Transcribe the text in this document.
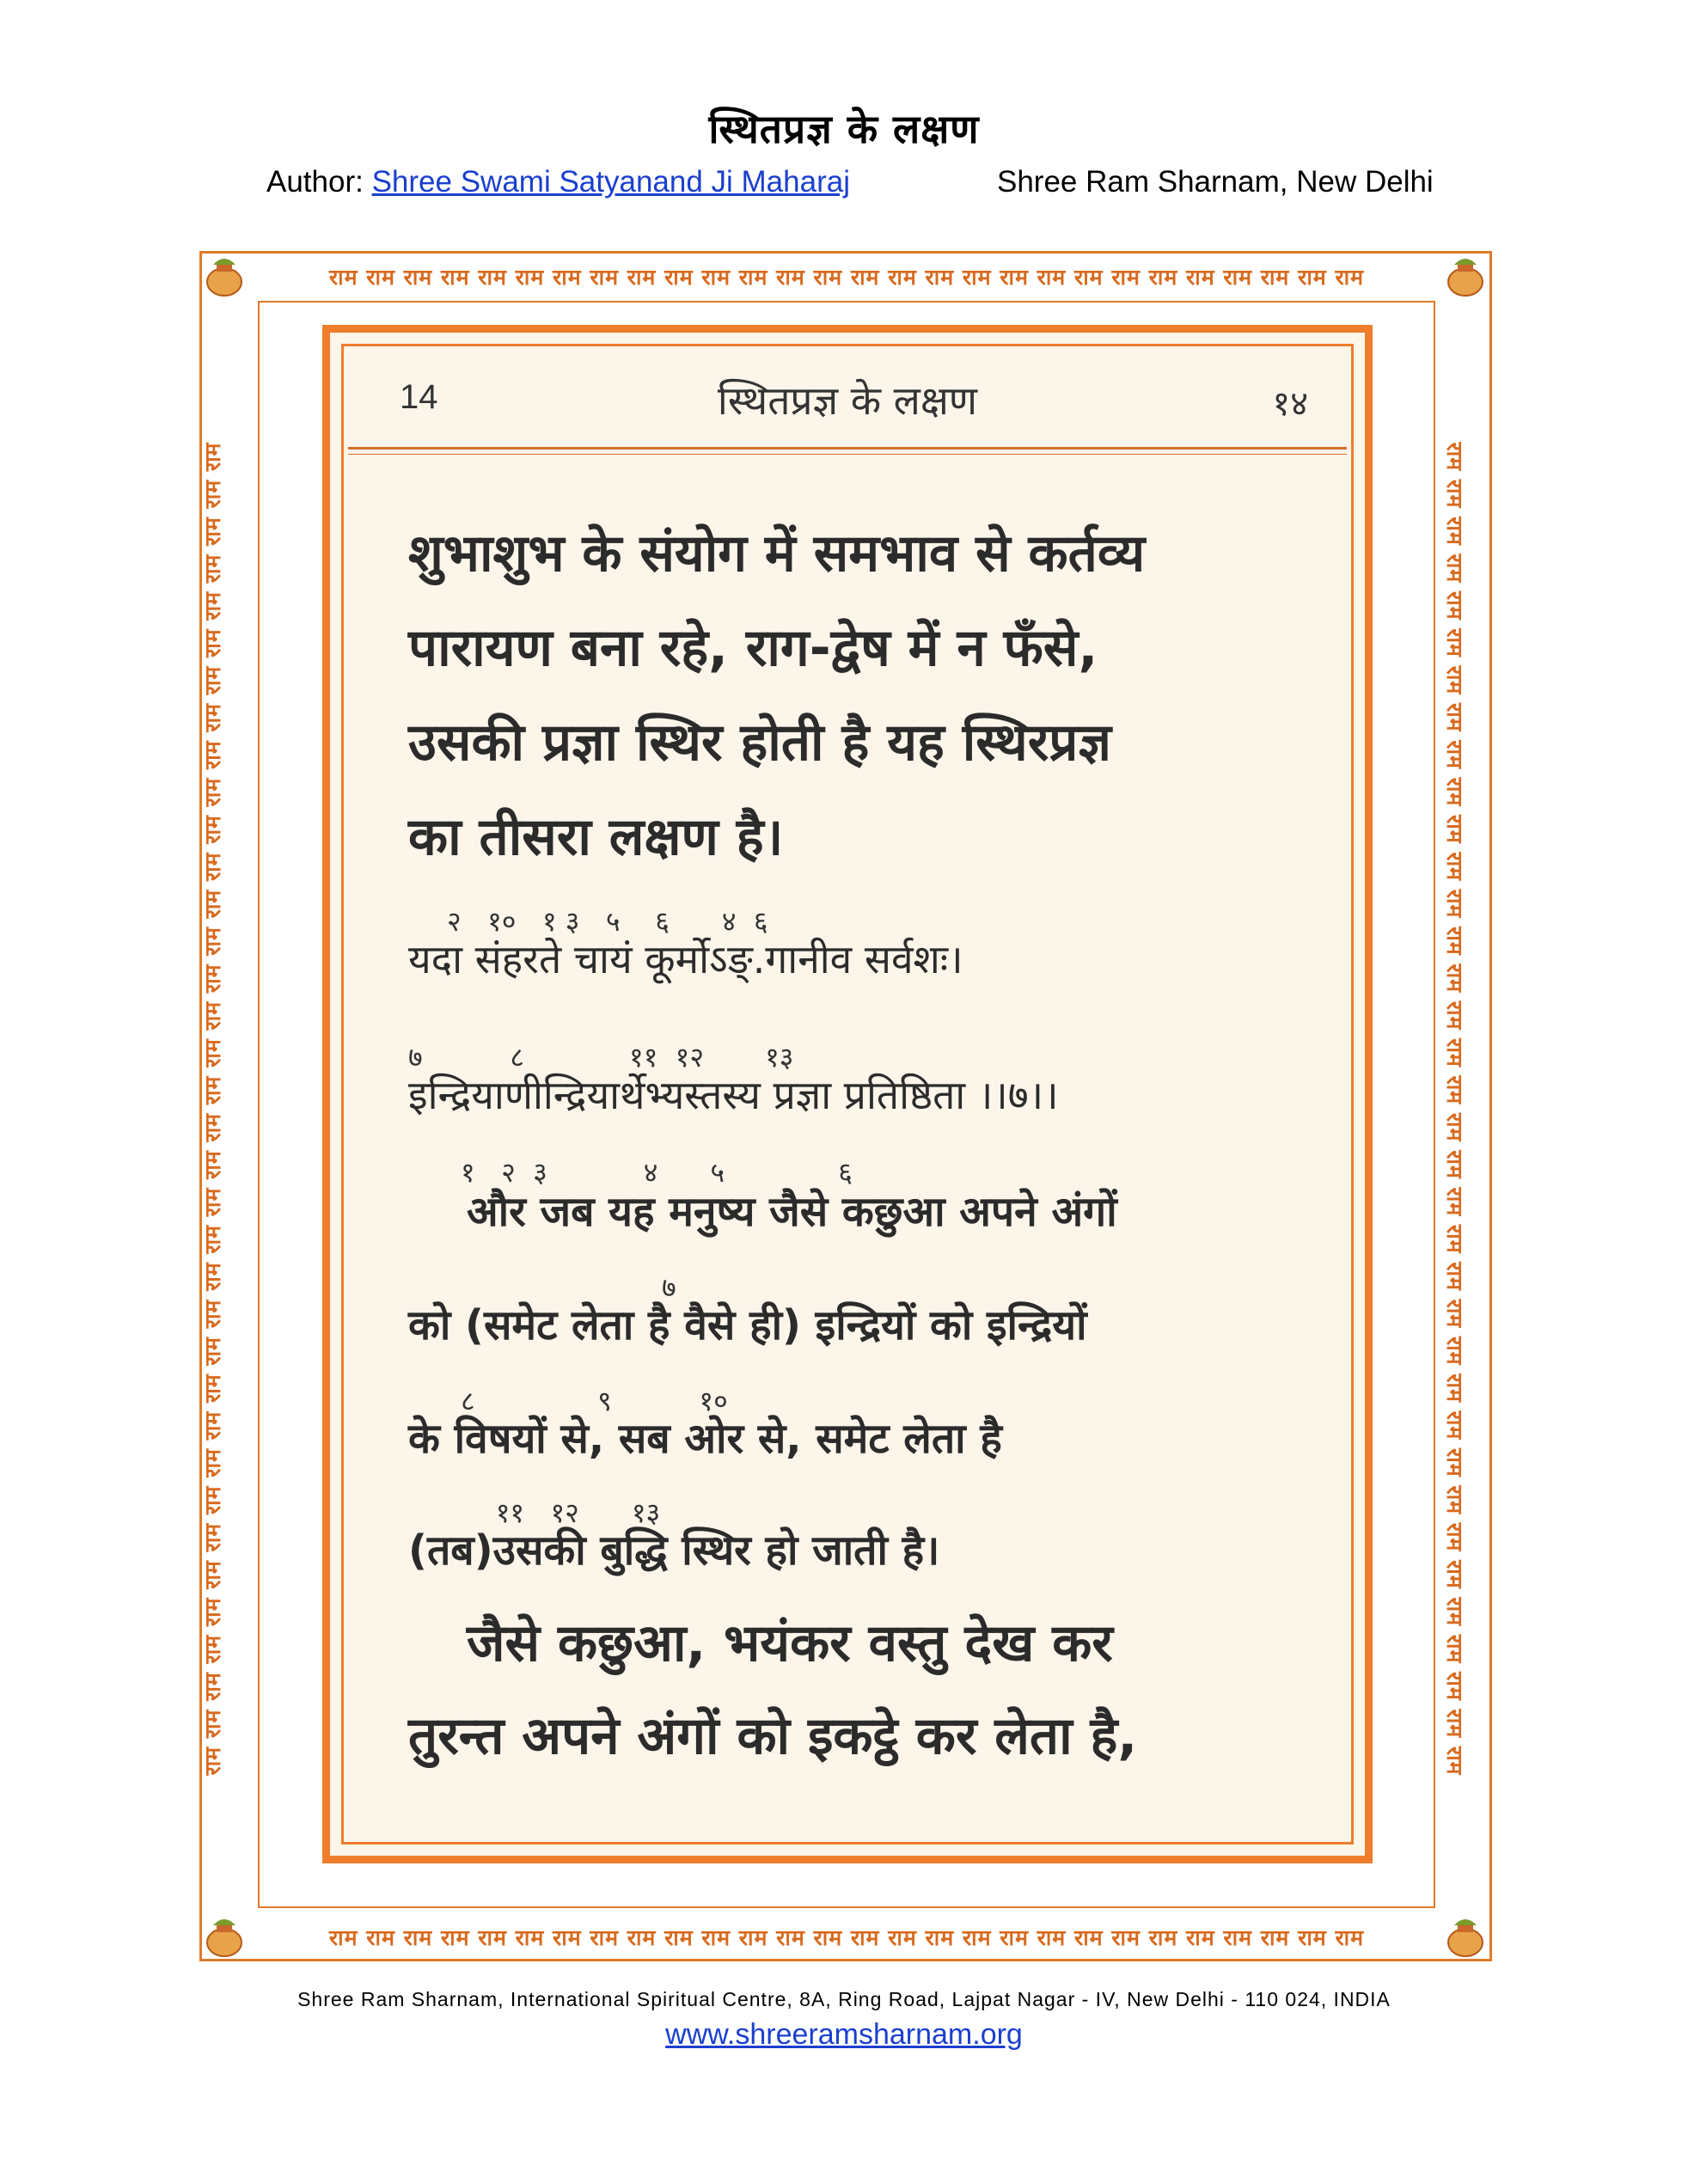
स्थितप्रज्ञ के लक्षण
Author: Shree Swami Satyanand Ji Maharaj	Shree Ram Sharnam, New Delhi
राम राम राम राम राम राम राम राम राम राम राम राम राम राम राम राम राम राम राम राम राम राम राम राम राम राम राम राम
राम राम राम राम राम राम राम राम राम राम राम राम राम राम राम राम राम राम राम राम राम राम राम राम राम राम राम राम
राम राम राम राम राम राम राम राम राम राम राम राम राम राम राम राम राम राम राम राम राम राम राम राम राम राम राम राम राम राम राम राम राम राम राम राम	राम राम राम राम राम राम राम राम राम राम राम राम राम राम राम राम राम राम राम राम राम राम राम राम राम राम राम राम राम राम राम राम राम राम राम राम
14	स्थितप्रज्ञ के लक्षण	१४
शुभाशुभ के संयोग में समभाव से कर्तव्य
पारायण बना रहे, राग-द्वेष में न फँसे,
उसकी प्रज्ञा स्थिर होती है यह स्थिरप्रज्ञ
का तीसरा लक्षण है।
२   १०   १ ३   ५    ६      ४  ६
यदा संहरते चायं कूर्मोऽङ्.गानीव सर्वशः।
७          ८            ११  १२       १३
इन्द्रियाणीन्द्रियार्थेभ्यस्तस्य प्रज्ञा प्रतिष्ठिता ।।७।।
१   २  ३           ४      ५             ६
और जब यह मनुष्य जैसे कछुआ अपने अंगों
७
को (समेट लेता है वैसे ही) इन्द्रियों को इन्द्रियों
८              ९          १०
के विषयों से, सब ओर से, समेट लेता है
११   १२      १३
(तब)उसकी बुद्धि स्थिर हो जाती है।
जैसे कछुआ, भयंकर वस्तु देख कर
तुरन्त अपने अंगों को इकट्ठे कर लेता है,
Shree Ram Sharnam, International Spiritual Centre, 8A, Ring Road, Lajpat Nagar - IV, New Delhi - 110 024, INDIA
www.shreeramsharnam.org
